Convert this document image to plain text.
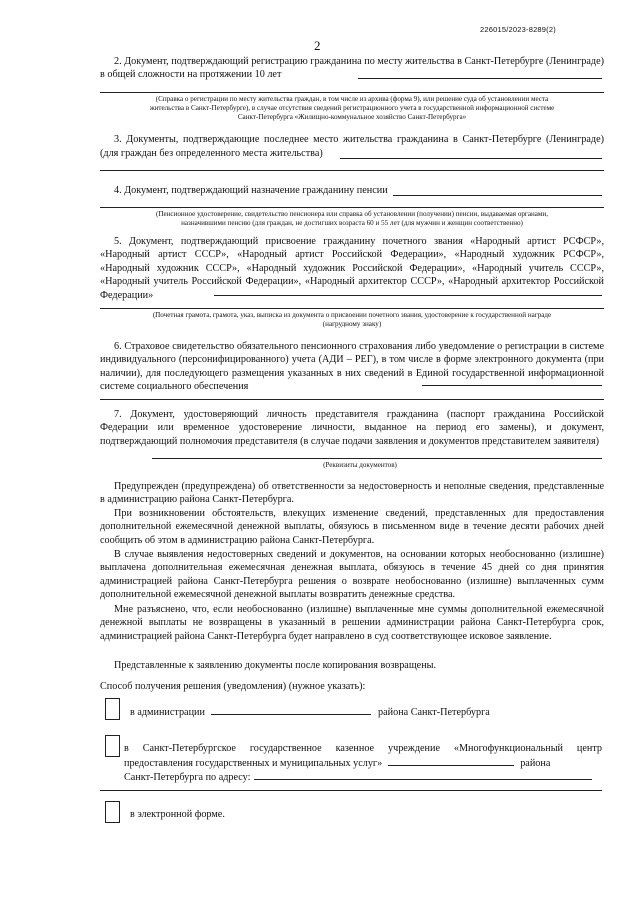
226015/2023-8289(2)
2
2. Документ, подтверждающий регистрацию гражданина по месту жительства в Санкт-Петербурге (Ленинграде) в общей сложности на протяжении 10 лет
(Справка о регистрации по месту жительства граждан, в том числе из архива (форма 9), или решение суда об установлении места
жительства в Санкт-Петербурге), в случае отсутствия сведений регистрационного учета в государственной информационной системе
Санкт-Петербурга «Жилищно-коммунальное хозяйство Санкт-Петербурга»
3. Документы, подтверждающие последнее место жительства гражданина в Санкт-Петербурге (Ленинграде)
(для граждан без определенного места жительства)
4. Документ, подтверждающий назначение гражданину пенсии
(Пенсионное удостоверение, свидетельство пенсионера или справка об установлении (получении) пенсии, выдаваемая органами,
назначившими пенсию (для граждан, не достигших возраста 60 и 55 лет (для мужчин и женщин соответственно)
5. Документ, подтверждающий присвоение гражданину почетного звания «Народный артист РСФСР», «Народный артист СССР», «Народный артист Российской Федерации», «Народный художник РСФСР», «Народный художник СССР», «Народный художник Российской Федерации», «Народный учитель СССР», «Народный учитель Российской Федерации», «Народный архитектор СССР», «Народный архитектор Российской Федерации»
(Почетная грамота, грамота, указ, выписка из документа о присвоении почетного звания, удостоверение к государственной награде
(нагрудному знаку)
6. Страховое свидетельство обязательного пенсионного страхования либо уведомление о регистрации в системе индивидуального (персонифицированного) учета (АДИ – РЕГ), в том числе в форме электронного документа (при наличии), для последующего размещения указанных в них сведений в Единой государственной информационной системе социального обеспечения
7. Документ, удостоверяющий личность представителя гражданина (паспорт гражданина Российской Федерации или временное удостоверение личности, выданное на период его замены), и документ, подтверждающий полномочия представителя (в случае подачи заявления и документов представителем заявителя)
(Реквизиты документов)
Предупрежден (предупреждена) об ответственности за недостоверность и неполные сведения, представленные в администрацию района Санкт-Петербурга.
При возникновении обстоятельств, влекущих изменение сведений, представленных для предоставления дополнительной ежемесячной денежной выплаты, обязуюсь в письменном виде в течение десяти рабочих дней сообщить об этом в администрацию района Санкт-Петербурга.
В случае выявления недостоверных сведений и документов, на основании которых необоснованно (излишне) выплачена дополнительная ежемесячная денежная выплата, обязуюсь в течение 45 дней со дня принятия администрацией района Санкт-Петербурга решения о возврате необоснованно (излишне) выплаченных сумм дополнительной ежемесячной денежной выплаты возвратить денежные средства.
Мне разъяснено, что, если необоснованно (излишне) выплаченные мне суммы дополнительной ежемесячной денежной выплаты не возвращены в указанный в решении администрации района Санкт-Петербурга срок, администрацией района Санкт-Петербурга будет направлено в суд соответствующее исковое заявление.
Представленные к заявлению документы после копирования возвращены.
Способ получения решения (уведомления) (нужное указать):
в администрации	района Санкт-Петербурга
в Санкт-Петербургское государственное казенное учреждение «Многофункциональный центр
предоставления государственных и муниципальных услуг»	района
Санкт-Петербурга по адресу:
в электронной форме.
